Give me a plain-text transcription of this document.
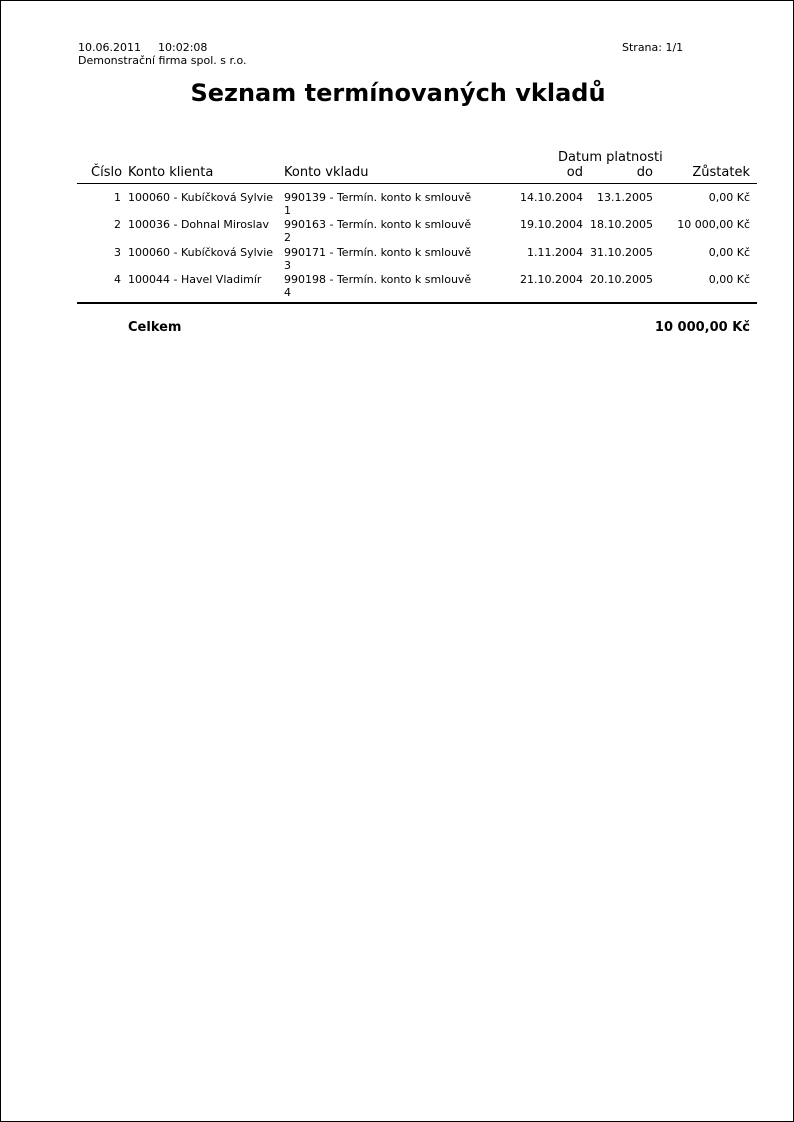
10.06.2011 10:02:08
Demonstrační firma spol. s r.o.
Strana: 1/1
Seznam termínovaných vkladů
Datum platnosti
Číslo Konto klienta	Konto vkladu	od	do	Zůstatek
1 100060 - Kubíčková Sylvie 990139 - Termín. konto k smlouvě
1
14.10.2004	13.1.2005	0,00 Kč
2 100036 - Dohnal Miroslav 990163 - Termín. konto k smlouvě
2
19.10.2004 18.10.2005	10 000,00 Kč
3 100060 - Kubíčková Sylvie 990171 - Termín. konto k smlouvě
3
1.11.2004 31.10.2005	0,00 Kč
4 100044 - Havel Vladimír 990198 - Termín. konto k smlouvě
4
21.10.2004 20.10.2005	0,00 Kč
Celkem	10 000,00 Kč
